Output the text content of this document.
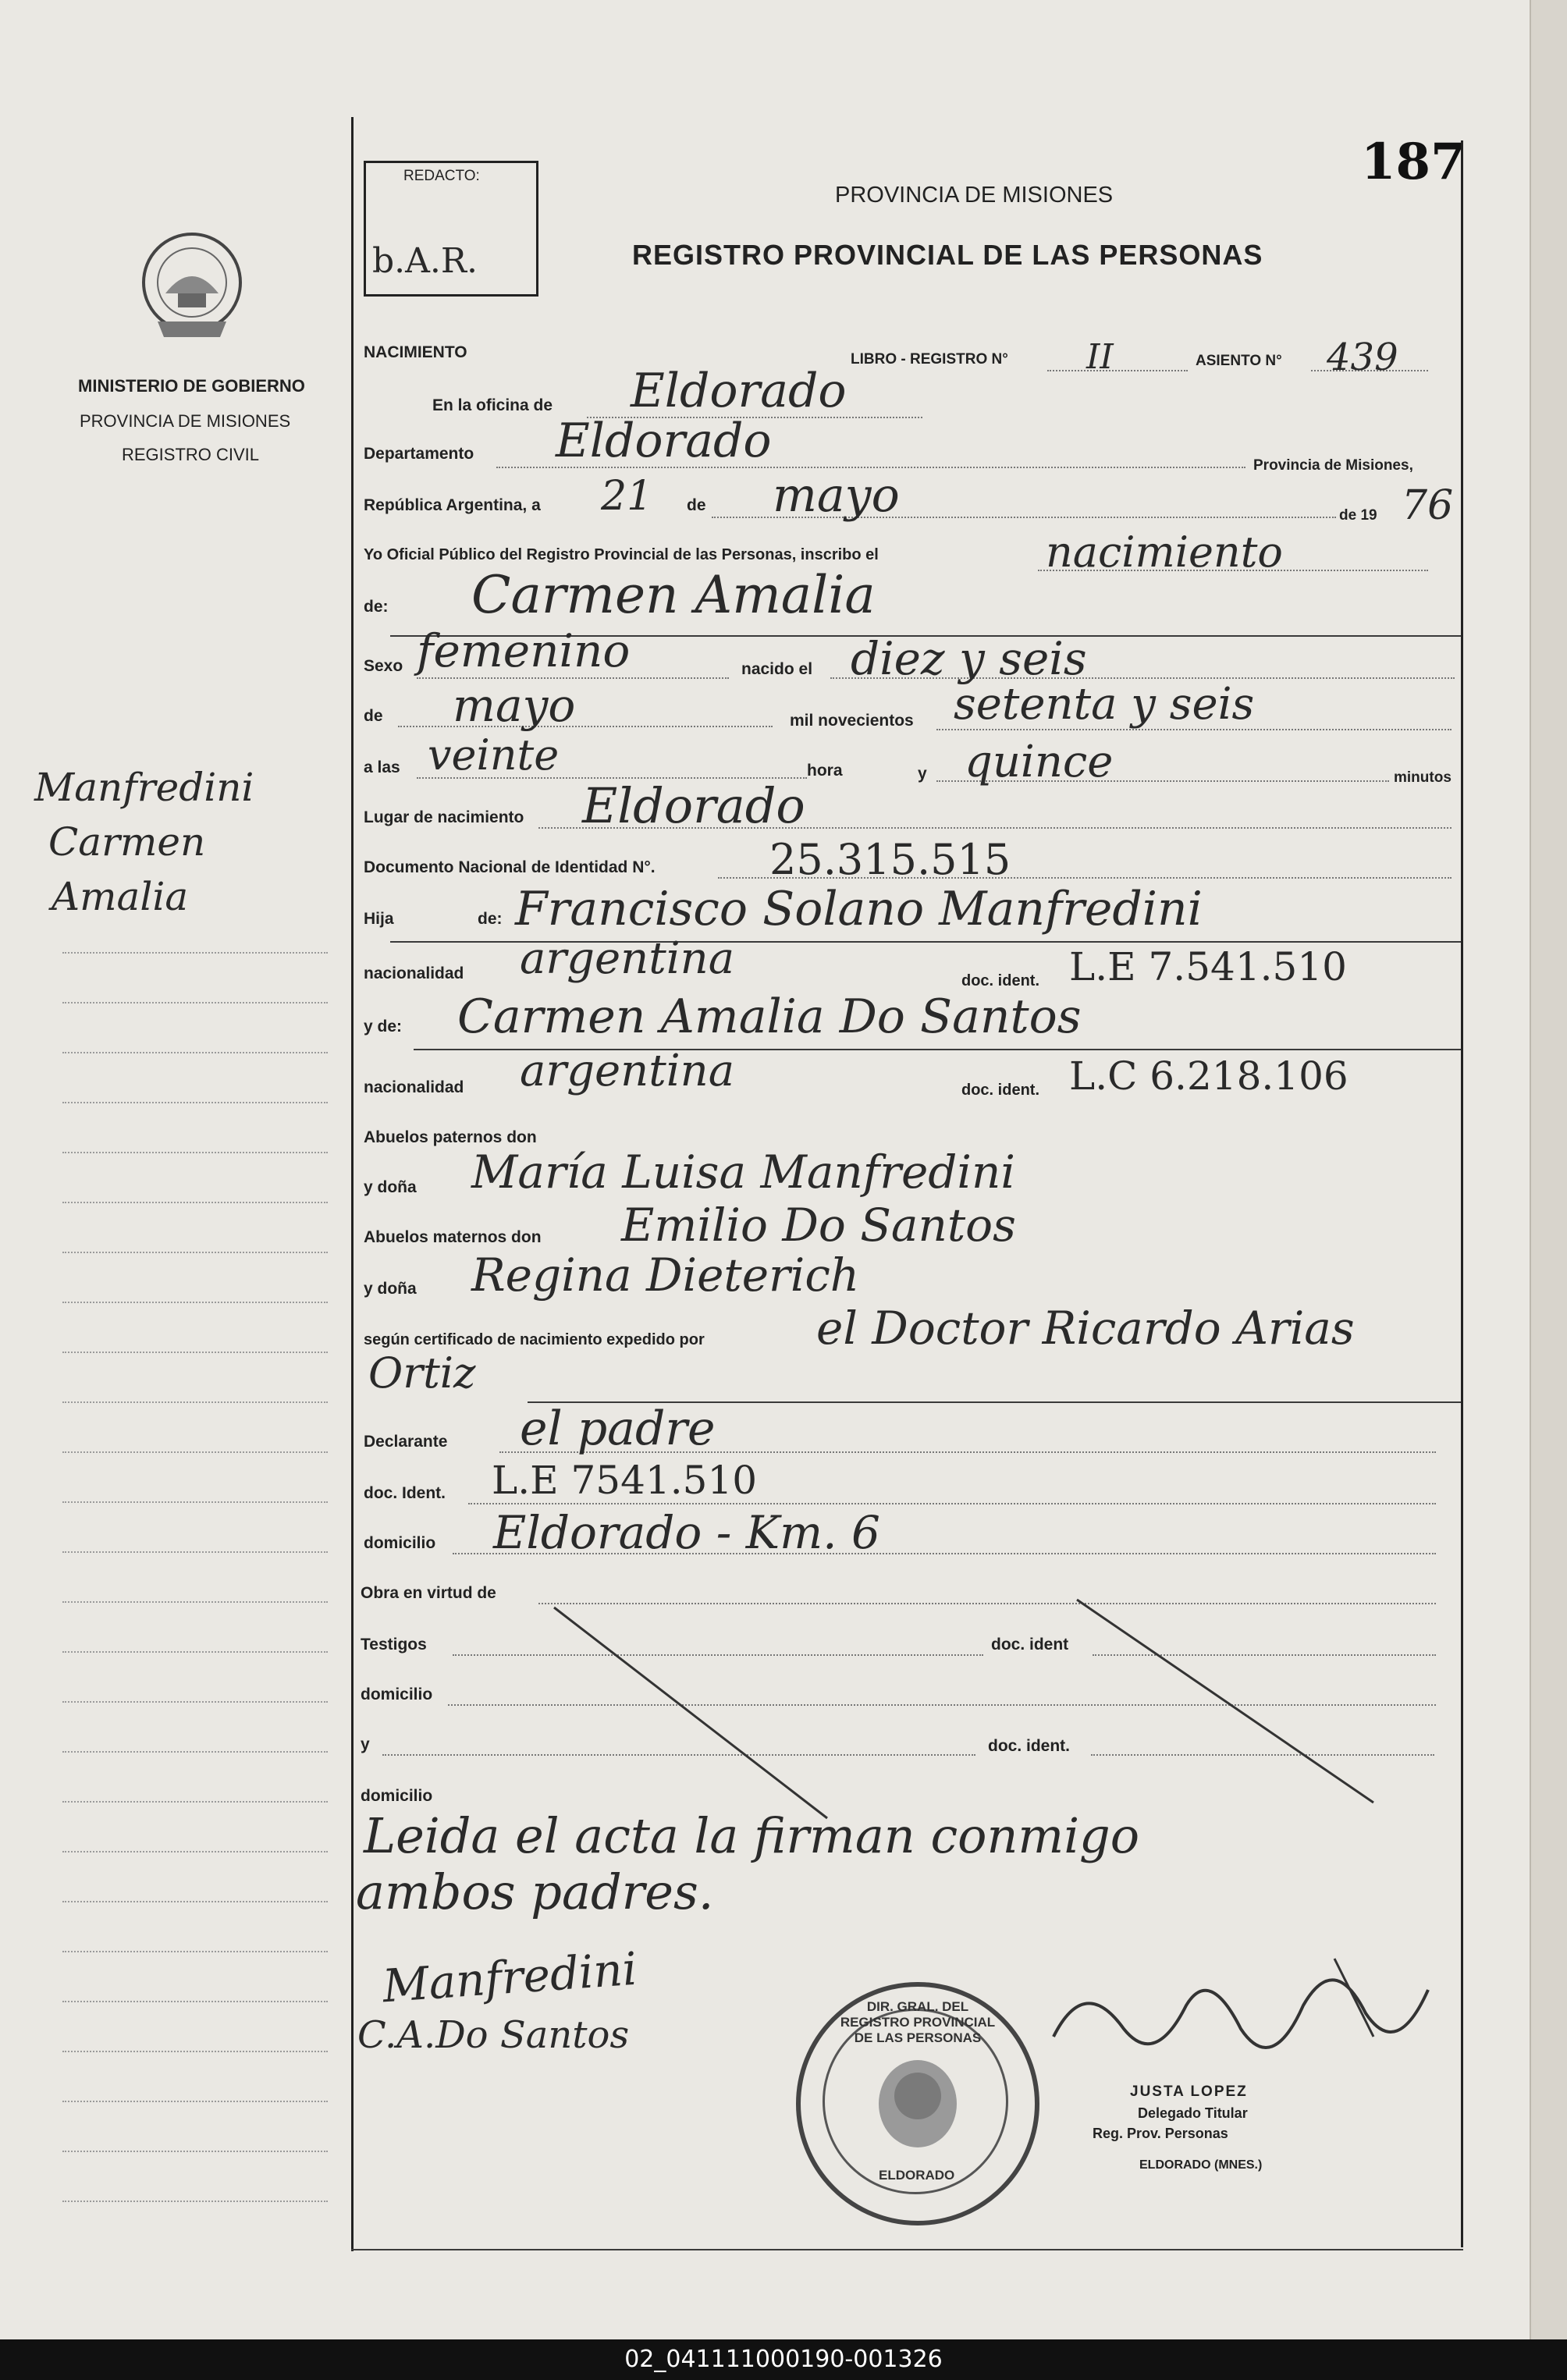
MINISTERIO DE GOBIERNO
PROVINCIA DE MISIONES
REGISTRO CIVIL
Manfredini
Carmen
Amalia
187
REDACTO:
b.A.R.
PROVINCIA DE MISIONES
REGISTRO PROVINCIAL DE LAS PERSONAS
NACIMIENTO	LIBRO - REGISTRO N° II	ASIENTO N° 439
En la oficina de Eldorado
Departamento Eldorado	Provincia de Misiones,
República Argentina, a 21 de mayo	de 19 76
Yo Oficial Público del Registro Provincial de las Personas, inscribo el	nacimiento
de: Carmen Amalia
Sexo femenino	nacido el diez y seis
de mayo	mil novecientos setenta y seis
a las veinte	hora	y quince	minutos
Lugar de nacimiento Eldorado
Documento Nacional de Identidad N°.	25.315.515
Hija	de: Francisco Solano Manfredini
nacionalidad argentina	doc. ident. L.E 7.541.510
y de: Carmen Amalia Do Santos
nacionalidad argentina	doc. ident. L.C 6.218.106
Abuelos paternos don
y doña María Luisa Manfredini
Abuelos maternos don Emilio Do Santos
y doña Regina Dieterich
según certificado de nacimiento expedido por el Doctor Ricardo Arias
Ortiz
Declarante el padre
doc. Ident. L.E 7541.510
domicilio Eldorado - Km. 6
Obra en virtud de
Testigos	doc. ident
domicilio
y	doc. ident.
domicilio
Leida el acta la firman conmigo
ambos padres.
Manfredini
C.A.Do Santos
JUSTA LOPEZ
Delegado Titular
Reg. Prov. Personas
ELDORADO (MNES.)
DIR. GRAL. DEL REGISTRO PROVINCIAL DE LAS PERSONAS
ELDORADO
02_041111000190-001326
